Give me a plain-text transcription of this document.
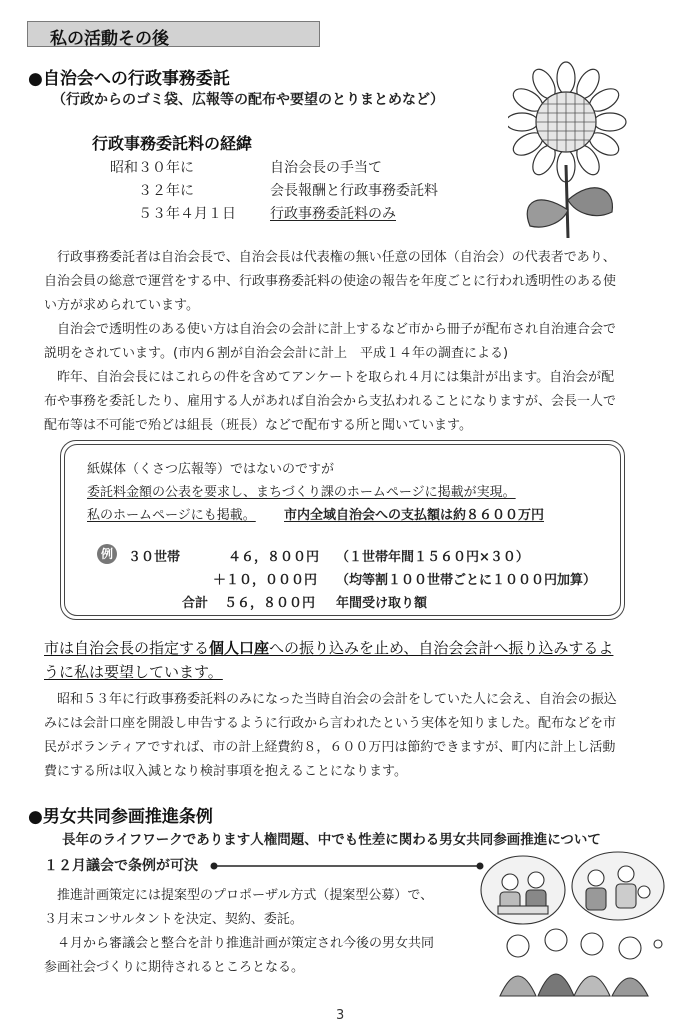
私の活動その後
●自治会への行政事務委託
（行政からのゴミ袋、広報等の配布や要望のとりまとめなど）
行政事務委託料の経緯
昭和３０年に	自治会長の手当て
３２年に	会長報酬と行政事務委託料
５３年４月１日 行政事務委託料のみ
　行政事務委託者は自治会長で、自治会長は代表権の無い任意の団体（自治会）の代表者であり、
自治会員の総意で運営をする中、行政事務委託料の使途の報告を年度ごとに行われ透明性のある使
い方が求められています。
　自治会で透明性のある使い方は自治会の会計に計上するなど市から冊子が配布され自治連合会で
説明をされています。(市内６割が自治会会計に計上　平成１４年の調査による)
　昨年、自治会長にはこれらの件を含めてアンケートを取られ４月には集計が出ます。自治会が配
布や事務を委託したり、雇用する人があれば自治会から支払われることになりますが、会長一人で
配布等は不可能で殆どは組長（班長）などで配布する所と聞いています。
紙媒体（くさつ広報等）ではないのですが
委託料金額の公表を要求し、まちづくり課のホームページに掲載が実現。
私のホームページにも掲載。 市内全域自治会への支払額は約８６００万円
例	３０世帯	４６，８００円 （１世帯年間１５６０円×３０）
＋１０，０００円 （均等割１００世帯ごとに１０００円加算）
合計 ５６，８００円 年間受け取り額
市は自治会長の指定する個人口座への振り込みを止め、自治会会計へ振り込みするよ
うに私は要望しています。
　昭和５３年に行政事務委託料のみになった当時自治会の会計をしていた人に会え、自治会の振込
みには会計口座を開設し申告するように行政から言われたという実体を知りました。配布などを市
民がボランティアですれば、市の計上経費約８，６００万円は節約できますが、町内に計上し活動
費にする所は収入減となり検討事項を抱えることになります。
●男女共同参画推進条例
長年のライフワークであります人権問題、中でも性差に関わる男女共同参画推進について
１２月議会で条例が可決
　推進計画策定には提案型のプロポーザル方式（提案型公募）で、
３月末コンサルタントを決定、契約、委託。
　４月から審議会と整合を計り推進計画が策定され今後の男女共同
参画社会づくりに期待されるところとなる。
3
